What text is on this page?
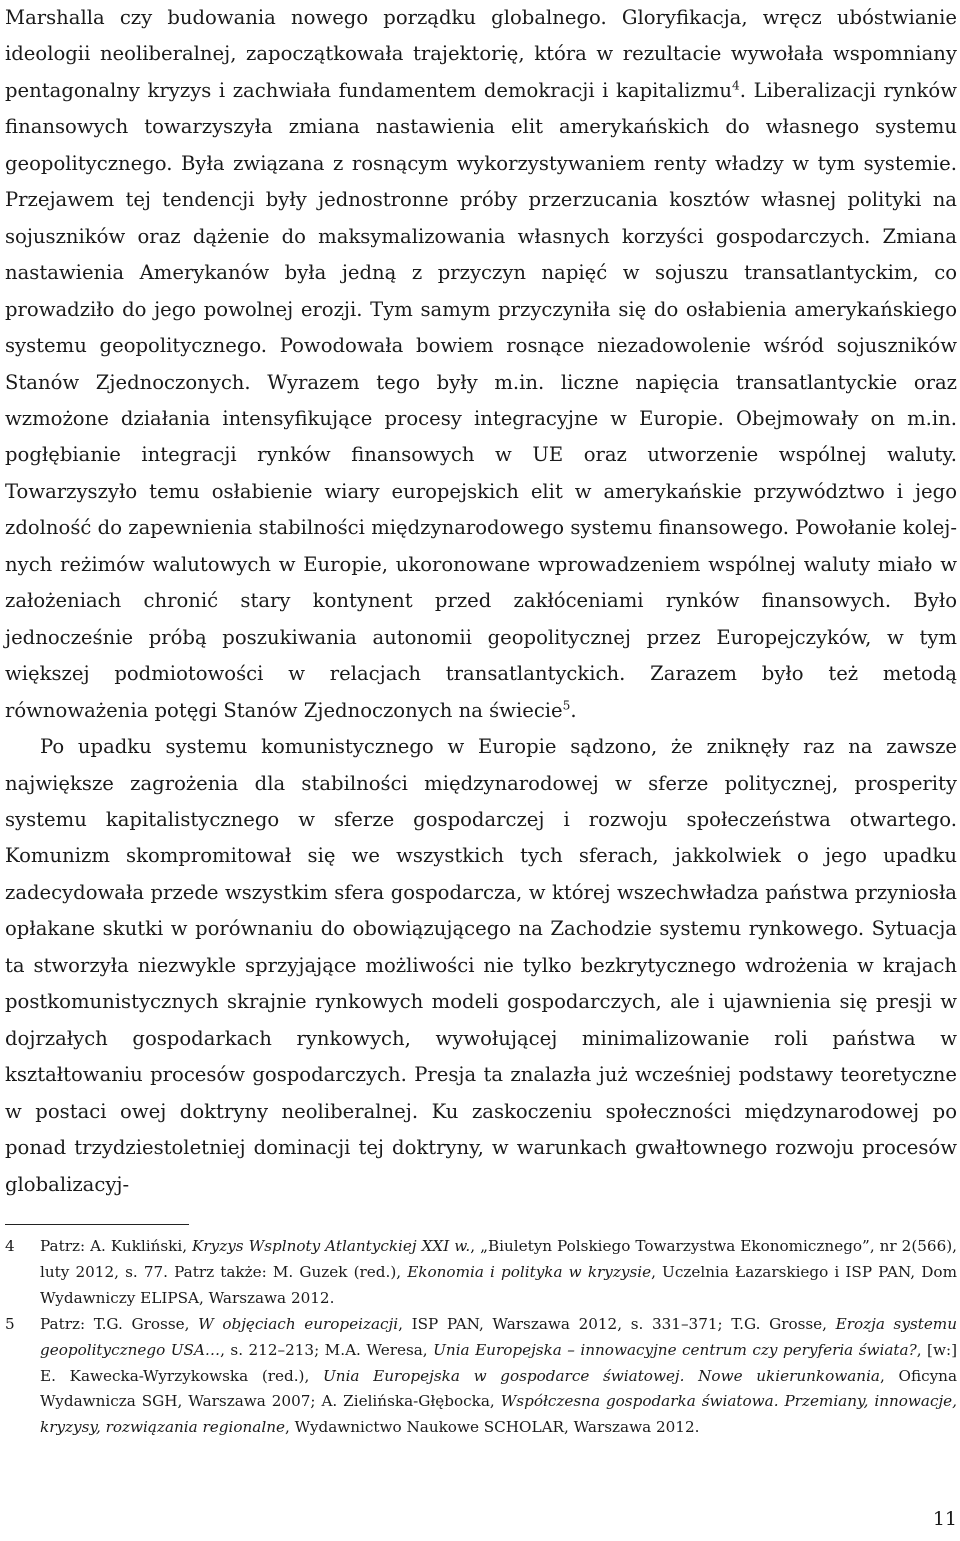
Marshalla czy budowania nowego porządku globalnego. Gloryfikacja, wręcz ubóstwianie ideologii neoliberalnej, zapoczątkowała trajektorię, która w rezultacie wywołała wspomniany pentagonalny kryzys i zachwiała fundamentem demokracji i kapitalizmu$^4$. Liberalizacji rynków finansowych towarzyszyła zmiana nastawienia elit amerykańskich do własnego systemu geopolitycznego. Była związana z rosnącym wykorzystywaniem renty władzy w tym systemie. Przejawem tej tendencji były jednostronne próby przerzucania kosztów własnej polityki na sojuszników oraz dążenie do maksymalizowania własnych korzyści gospodarczych. Zmiana nastawienia Amerykanów była jedną z przyczyn napięć w sojuszu transatlantyckim, co prowadziło do jego powolnej erozji. Tym samym przyczyniła się do osłabienia amerykańskiego systemu geopolitycznego. Powodowała bowiem rosnące niezadowolenie wśród sojuszników Stanów Zjednoczonych. Wyrazem tego były m.in. liczne napięcia transatlantyckie oraz wzmożone działania intensyfikujące procesy integracyjne w Europie. Obejmowały on m.in. pogłębianie integracji rynków finansowych w UE oraz utworzenie wspólnej waluty. Towarzyszyło temu osłabienie wiary europejskich elit w amerykańskie przywództwo i jego zdolność do zapewnienia stabilności międzynarodowego systemu finansowego. Powołanie kolejnych reżimów walutowych w Europie, ukoronowane wprowadzeniem wspólnej waluty miało w założeniach chronić stary kontynent przed zakłóceniami rynków finansowych. Było jednocześnie próbą poszukiwania autonomii geopolitycznej przez Europejczyków, w tym większej podmiotowości w relacjach transatlantyckich. Zarazem było też metodą równoważenia potęgi Stanów Zjednoczonych na świecie$^5$.

Po upadku systemu komunistycznego w Europie sądzono, że zniknęły raz na zawsze największe zagrożenia dla stabilności międzynarodowej w sferze politycznej, prosperity systemu kapitalistycznego w sferze gospodarczej i rozwoju społeczeństwa otwartego. Komunizm skompromitował się we wszystkich tych sferach, jakkolwiek o jego upadku zadecydowała przede wszystkim sfera gospodarcza, w której wszechwładza państwa przyniosła opłakane skutki w porównaniu do obowiązującego na Zachodzie systemu rynkowego. Sytuacja ta stworzyła niezwykle sprzyjające możliwości nie tylko bezkrytycznego wdrożenia w krajach postkomunistycznych skrajnie rynkowych modeli gospodarczych, ale i ujawnienia się presji w dojrzałych gospodarkach rynkowych, wywołującej minimalizowanie roli państwa w kształtowaniu procesów gospodarczych. Presja ta znalazła już wcześniej podstawy teoretyczne w postaci owej doktryny neoliberalnej. Ku zaskoczeniu społeczności międzynarodowej po ponad trzydziestoletniej dominacji tej doktryny, w warunkach gwałtownego rozwoju procesów globalizacyj-

4	Patrz: A. Kukliński, Kryzys Wsplnoty Atlantyckiej XXI w., „Biuletyn Polskiego Towarzystwa Ekonomicznego”, nr 2(566), luty 2012, s. 77. Patrz także: M. Guzek (red.), Ekonomia i polityka w kryzysie, Uczelnia Łazarskiego i ISP PAN, Dom Wydawniczy ELIPSA, Warszawa 2012.
5	Patrz: T.G. Grosse, W objęciach europeizacji, ISP PAN, Warszawa 2012, s. 331–371; T.G. Grosse, Erozja systemu geopolitycznego USA…, s. 212–213; M.A. Weresa, Unia Europejska – innowacyjne centrum czy peryferia świata?, [w:] E. Kawecka-Wyrzykowska (red.), Unia Europejska w gospodarce światowej. Nowe ukierunkowania, Oficyna Wydawnicza SGH, Warszawa 2007; A. Zielińska-Głębocka, Współczesna gospodarka światowa. Przemiany, innowacje, kryzysy, rozwiązania regionalne, Wydawnictwo Naukowe SCHOLAR, Warszawa 2012.
11
